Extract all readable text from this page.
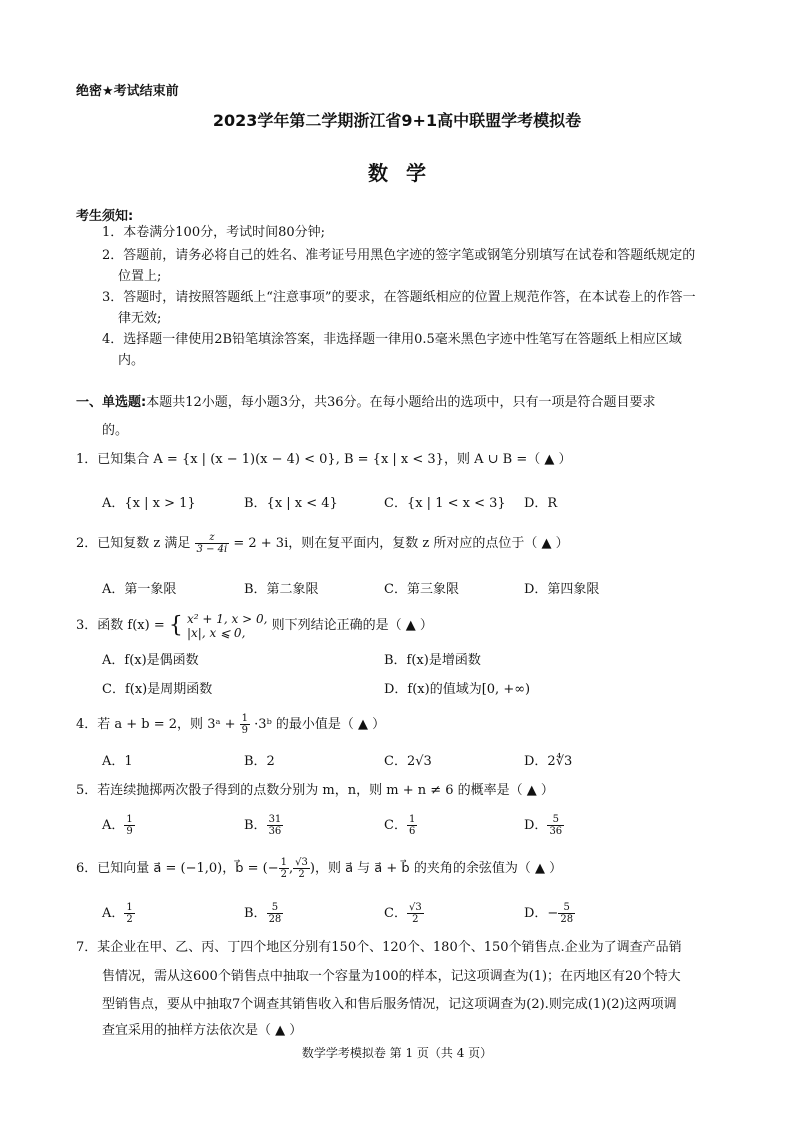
绝密★考试结束前
2023学年第二学期浙江省9+1高中联盟学考模拟卷
数学
考生须知:
1．本卷满分100分，考试时间80分钟;
2．答题前，请务必将自己的姓名、准考证号用黑色字迹的签字笔或钢笔分别填写在试卷和答题纸规定的位置上;
3．答题时，请按照答题纸上“注意事项”的要求，在答题纸相应的位置上规范作答，在本试卷上的作答一律无效;
4．选择题一律使用2B铅笔填涂答案，非选择题一律用0.5毫米黑色字迹中性笔写在答题纸上相应区域内。
一、单选题:本题共12小题，每小题3分，共36分。在每小题给出的选项中，只有一项是符合题目要求
的。
1．已知集合 A = {x | (x − 1)(x − 4) < 0}, B = {x | x < 3}，则 A ∪ B =（ ▲ ）
A．{x | x > 1}	B．{x | x < 4}	C．{x | 1 < x < 3} D．R
2．已知复数 z 满足 $\frac{z}{3 - 4i} = 2 + 3i$，则在复平面内，复数 z 所对应的点位于（ ▲ ）
A．第一象限	B．第二象限	C．第三象限	D．第四象限
3．函数 f(x) = { x² + 1, x > 0,
|x|, x ⩽ 0,	则下列结论正确的是（ ▲ ）
A．f(x)是偶函数	B．f(x)是增函数
C．f(x)是周期函数	D．f(x)的值域为[0, +∞)
4．若 a + b = 2，则 3ᵃ + $\frac{1}{9}$ ·3ᵇ 的最小值是（ ▲ ）
A．1	B．2	C．2√3	D．2∜3
5．若连续抛掷两次骰子得到的点数分别为 m，n，则 m + n ≠ 6 的概率是（ ▲ ）
A． $\frac{1}{9}$	B． $\frac{31}{36}$	C． $\frac{1}{6}$	D． $\frac{5}{36}$
6．已知向量 a⃗ = (−1,0)，b⃗ = (− $\frac{1}{2}$ , $\frac{√3}{2}$ )，则 a⃗ 与 a⃗ + b⃗ 的夹角的余弦值为（ ▲ ）
A． $\frac{1}{2}$	B． $\frac{5}{28}$	C． $\frac{√3}{2}$	D．− $\frac{5}{28}$
7．某企业在甲、乙、丙、丁四个地区分别有150个、120个、180个、150个销售点.企业为了调查产品销
售情况，需从这600个销售点中抽取一个容量为100的样本，记这项调查为(1)；在丙地区有20个特大
型销售点，要从中抽取7个调查其销售收入和售后服务情况，记这项调查为(2).则完成(1)(2)这两项调
查宜采用的抽样方法依次是（ ▲ ）
数学学考模拟卷 第 1 页（共 4 页）
